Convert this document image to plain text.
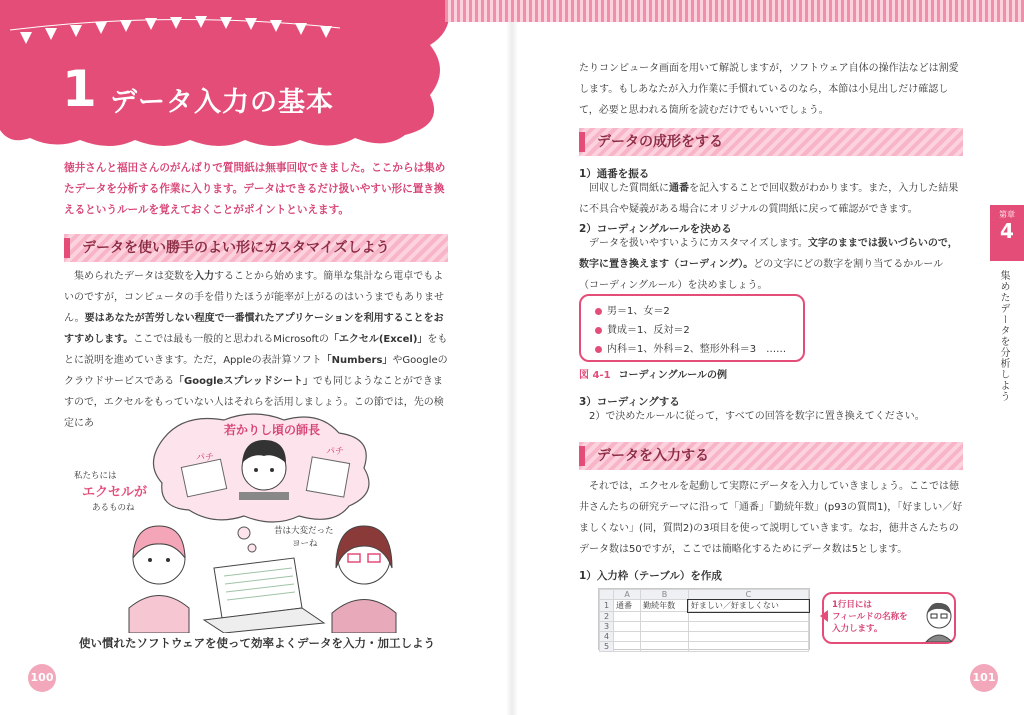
1 データ入力の基本
徳井さんと福田さんのがんばりで質問紙は無事回収できました。ここからは集めたデータを分析する作業に入ります。データはできるだけ扱いやすい形に置き換えるというルールを覚えておくことがポイントといえます。
データを使い勝手のよい形にカスタマイズしよう
集められたデータは変数を入力することから始めます。簡単な集計なら電卓でもよいのですが，コンピュータの手を借りたほうが能率が上がるのはいうまでもありません。要はあなたが苦労しない程度で一番慣れたアプリケーションを利用することをおすすめします。ここでは最も一般的と思われるMicrosoftの「エクセル(Excel)」をもとに説明を進めていきます。ただ，Appleの表計算ソフト「Numbers」やGoogleのクラウドサービスである「Googleスプレッドシート」でも同じようなことができますので，エクセルをもっていない人はそれらを活用しましょう。この節では，先の検定にあ	若かりし頃の師長
パチ
パチ
私たちには
エクセルが
あるものね
昔は大変だった
ヨーね
使い慣れたソフトウェアを使って効率よくデータを入力・加工しよう
100
たりコンピュータ画面を用いて解説しますが，ソフトウェア自体の操作法などは割愛します。もしあなたが入力作業に手慣れているのなら，本節は小見出しだけ確認して，必要と思われる箇所を読むだけでもいいでしょう。
データの成形をする
1）通番を振る
回収した質問紙に通番を記入することで回収数がわかります。また，入力した結果に不具合や疑義がある場合にオリジナルの質問紙に戻って確認ができます。
2）コーディングルールを決める
データを扱いやすいようにカスタマイズします。文字のままでは扱いづらいので，数字に置き換えます（コーディング）。どの文字にどの数字を割り当てるかルール（コーディングルール）を決めましょう。
男＝1、女＝2
賛成＝1、反対＝2
内科＝1、外科＝2、整形外科＝3　……
図 4-1 コーディングルールの例
3）コーディングする
2）で決めたルールに従って，すべての回答を数字に置き換えてください。
データを入力する
それでは，エクセルを起動して実際にデータを入力していきましょう。ここでは徳井さんたちの研究テーマに沿って「通番」「勤続年数」(p93の質問1)，「好ましい／好ましくない」(同，質問2)の3項目を使って説明していきます。なお，徳井さんたちのデータ数は50ですが，ここでは簡略化するためにデータ数は5とします。
1）入力枠（テーブル）を作成
	A	B	C
1	通番	勤続年数	好ましい／好ましくない
2			
3			
4			
5			
1行目には
フィールドの名称を
入力します。
第章
4
集めたデータを分析しよう
101
